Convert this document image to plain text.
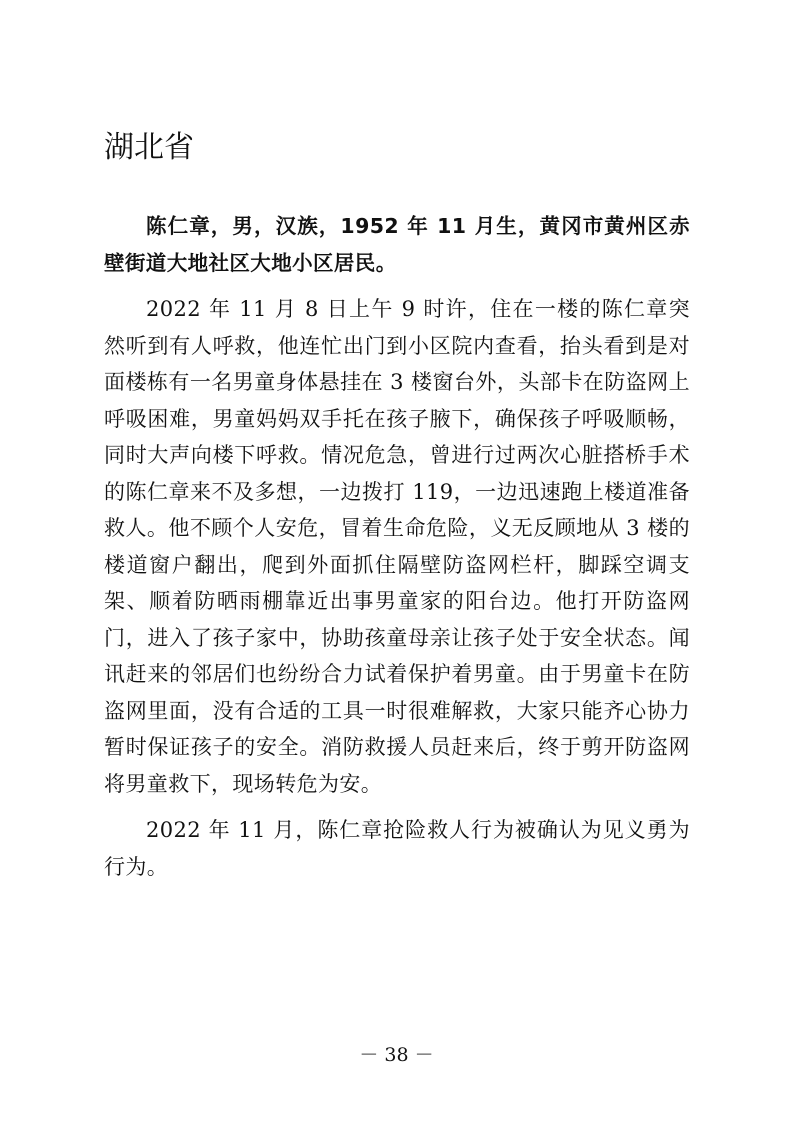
湖北省

陈仁章，男，汉族，1952 年 11 月生，黄冈市黄州区赤壁街道大地社区大地小区居民。

2022 年 11 月 8 日上午 9 时许，住在一楼的陈仁章突然听到有人呼救，他连忙出门到小区院内查看，抬头看到是对面楼栋有一名男童身体悬挂在 3 楼窗台外，头部卡在防盗网上呼吸困难，男童妈妈双手托在孩子腋下，确保孩子呼吸顺畅，同时大声向楼下呼救。情况危急，曾进行过两次心脏搭桥手术的陈仁章来不及多想，一边拨打 119，一边迅速跑上楼道准备救人。他不顾个人安危，冒着生命危险，义无反顾地从 3 楼的楼道窗户翻出，爬到外面抓住隔壁防盗网栏杆，脚踩空调支架、顺着防晒雨棚靠近出事男童家的阳台边。他打开防盗网门，进入了孩子家中，协助孩童母亲让孩子处于安全状态。闻讯赶来的邻居们也纷纷合力试着保护着男童。由于男童卡在防盗网里面，没有合适的工具一时很难解救，大家只能齐心协力暂时保证孩子的安全。消防救援人员赶来后，终于剪开防盗网将男童救下，现场转危为安。

2022 年 11 月，陈仁章抢险救人行为被确认为见义勇为行为。

－ 38 －
